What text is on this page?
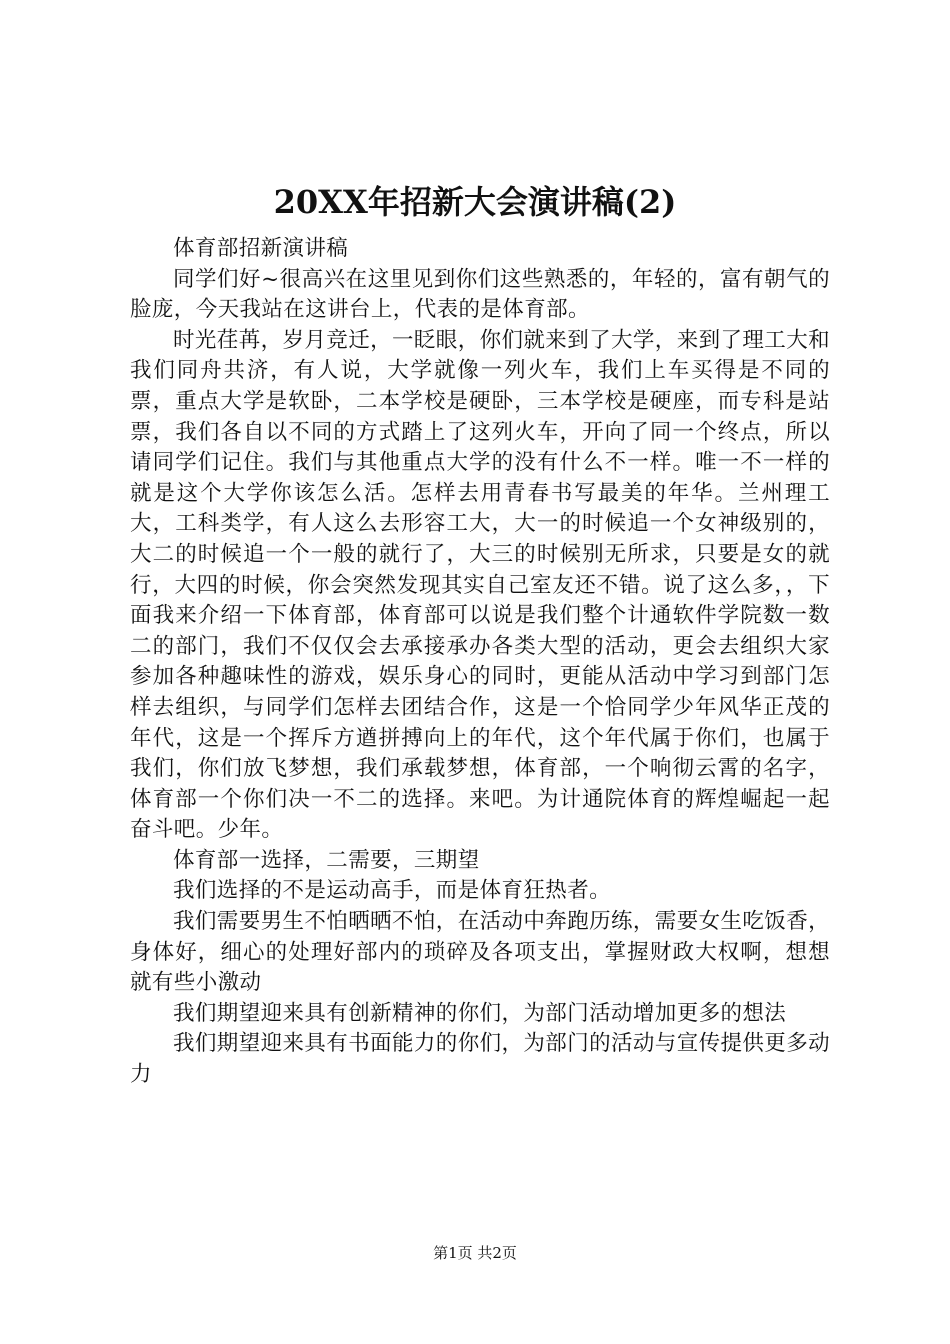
20XX年招新大会演讲稿(2)

体育部招新演讲稿

同学们好~很高兴在这里见到你们这些熟悉的，年轻的，富有朝气的脸庞，今天我站在这讲台上，代表的是体育部。

时光荏苒，岁月竞迁，一眨眼，你们就来到了大学，来到了理工大和我们同舟共济，有人说，大学就像一列火车，我们上车买得是不同的票，重点大学是软卧，二本学校是硬卧，三本学校是硬座，而专科是站票，我们各自以不同的方式踏上了这列火车，开向了同一个终点，所以请同学们记住。我们与其他重点大学的没有什么不一样。唯一不一样的就是这个大学你该怎么活。怎样去用青春书写最美的年华。兰州理工大，工科类学，有人这么去形容工大，大一的时候追一个女神级别的，大二的时候追一个一般的就行了，大三的时候别无所求，只要是女的就行，大四的时候，你会突然发现其实自己室友还不错。说了这么多，，下面我来介绍一下体育部，体育部可以说是我们整个计通软件学院数一数二的部门，我们不仅仅会去承接承办各类大型的活动，更会去组织大家参加各种趣味性的游戏，娱乐身心的同时，更能从活动中学习到部门怎样去组织，与同学们怎样去团结合作，这是一个恰同学少年风华正茂的年代，这是一个挥斥方遒拼搏向上的年代，这个年代属于你们，也属于我们，你们放飞梦想，我们承载梦想，体育部，一个响彻云霄的名字，体育部一个你们决一不二的选择。来吧。为计通院体育的辉煌崛起一起奋斗吧。少年。

体育部一选择，二需要，三期望

我们选择的不是运动高手，而是体育狂热者。

我们需要男生不怕晒晒不怕，在活动中奔跑历练，需要女生吃饭香，身体好，细心的处理好部内的琐碎及各项支出，掌握财政大权啊，想想就有些小激动

我们期望迎来具有创新精神的你们，为部门活动增加更多的想法

我们期望迎来具有书面能力的你们，为部门的活动与宣传提供更多动力

第1页 共2页
